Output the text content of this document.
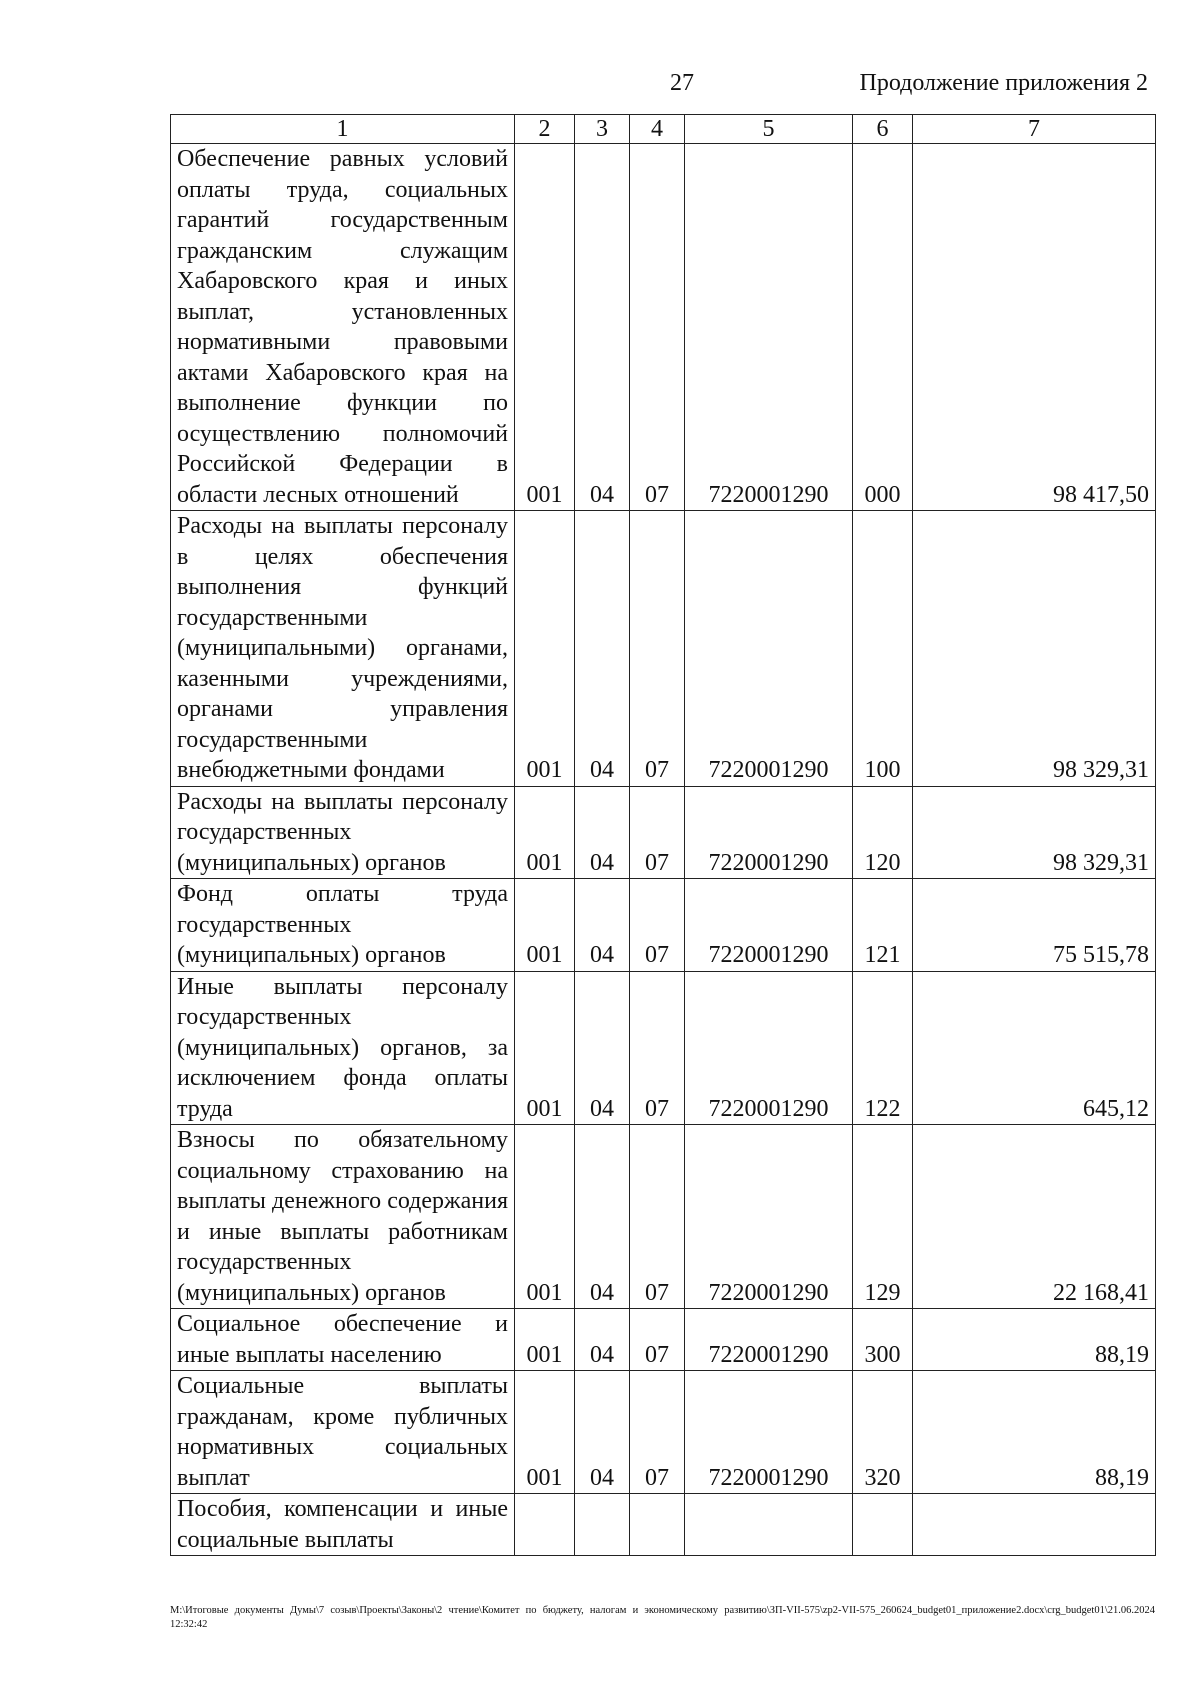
27	Продолжение приложения 2
1	2	3	4	5	6	7
Обеспечение равных условий оплаты труда, социальных гарантий государственным гражданским служащим Хабаровского края и иных выплат, установленных нормативными правовыми актами Хабаровского края на выполнение функции по осуществлению полномочий Российской Федерации в области лесных отношений	001	04	07	7220001290	000	98 417,50
Расходы на выплаты персоналу в целях обеспечения выполнения функций государственными (муниципальными) органами, казенными учреждениями, органами управления государственными внебюджетными фондами	001	04	07	7220001290	100	98 329,31
Расходы на выплаты персоналу государственных (муниципальных) органов	001	04	07	7220001290	120	98 329,31
Фонд оплаты труда государственных (муниципальных) органов	001	04	07	7220001290	121	75 515,78
Иные выплаты персоналу государственных (муниципальных) органов, за исключением фонда оплаты труда	001	04	07	7220001290	122	645,12
Взносы по обязательному социальному страхованию на выплаты денежного содержания и иные выплаты работникам государственных (муниципальных) органов	001	04	07	7220001290	129	22 168,41
Социальное обеспечение и иные выплаты населению	001	04	07	7220001290	300	88,19
Социальные выплаты гражданам, кроме публичных нормативных социальных выплат	001	04	07	7220001290	320	88,19
Пособия, компенсации и иные социальные выплаты						
М:\Итоговые документы Думы\7 созыв\Проекты\Законы\2 чтение\Комитет по бюджету, налогам и экономическому развитию\ЗП-VII-575\zp2-VII-575_260624_budget01_приложение2.docx\crg_budget01\21.06.2024 12:32:42
